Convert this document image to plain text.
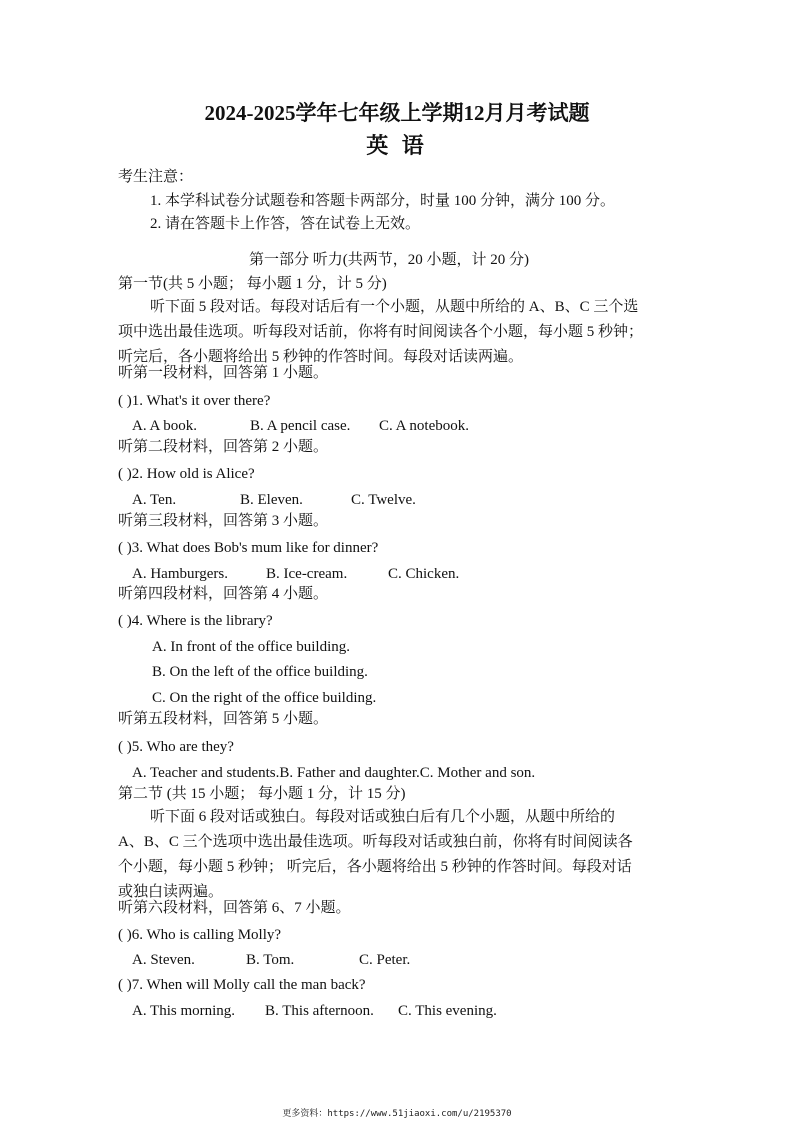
2024-2025学年七年级上学期12月月考试题
英 语
考生注意：
1. 本学科试卷分试题卷和答题卡两部分，时量 100 分钟，满分 100 分。
2. 请在答题卡上作答，答在试卷上无效。
第一部分 听力(共两节，20 小题，计 20 分)
第一节(共 5 小题； 每小题 1 分，计 5 分)
听下面 5 段对话。每段对话后有一个小题，从题中所给的 A、B、C 三个选
项中选出最佳选项。听每段对话前，你将有时间阅读各个小题，每小题 5 秒钟；
听完后，各小题将给出 5 秒钟的作答时间。每段对话读两遍。
听第一段材料，回答第 1 小题。
( )1. What's it over there?
A. A book.	B. A pencil case. C. A notebook.
听第二段材料，回答第 2 小题。
( )2. How old is Alice?
A. Ten.	B. Eleven.	C. Twelve.
听第三段材料，回答第 3 小题。
( )3. What does Bob's mum like for dinner?
A. Hamburgers.	B. Ice-cream.	C. Chicken.
听第四段材料，回答第 4 小题。
( )4. Where is the library?
A. In front of the office building.
B. On the left of the office building.
C. On the right of the office building.
听第五段材料，回答第 5 小题。
( )5. Who are they?
A. Teacher and students.B. Father and daughter.C. Mother and son.
第二节 (共 15 小题； 每小题 1 分，计 15 分)
听下面 6 段对话或独白。每段对话或独白后有几个小题，从题中所给的
A、B、C 三个选项中选出最佳选项。听每段对话或独白前，你将有时间阅读各
个小题，每小题 5 秒钟； 听完后，各小题将给出 5 秒钟的作答时间。每段对话
或独白读两遍。
听第六段材料，回答第 6、7 小题。
( )6. Who is calling Molly?
A. Steven.	B. Tom.	C. Peter.
( )7. When will Molly call the man back?
A. This morning. B. This afternoon. C. This evening.
更多资料：https://www.51jiaoxi.com/u/2195370
